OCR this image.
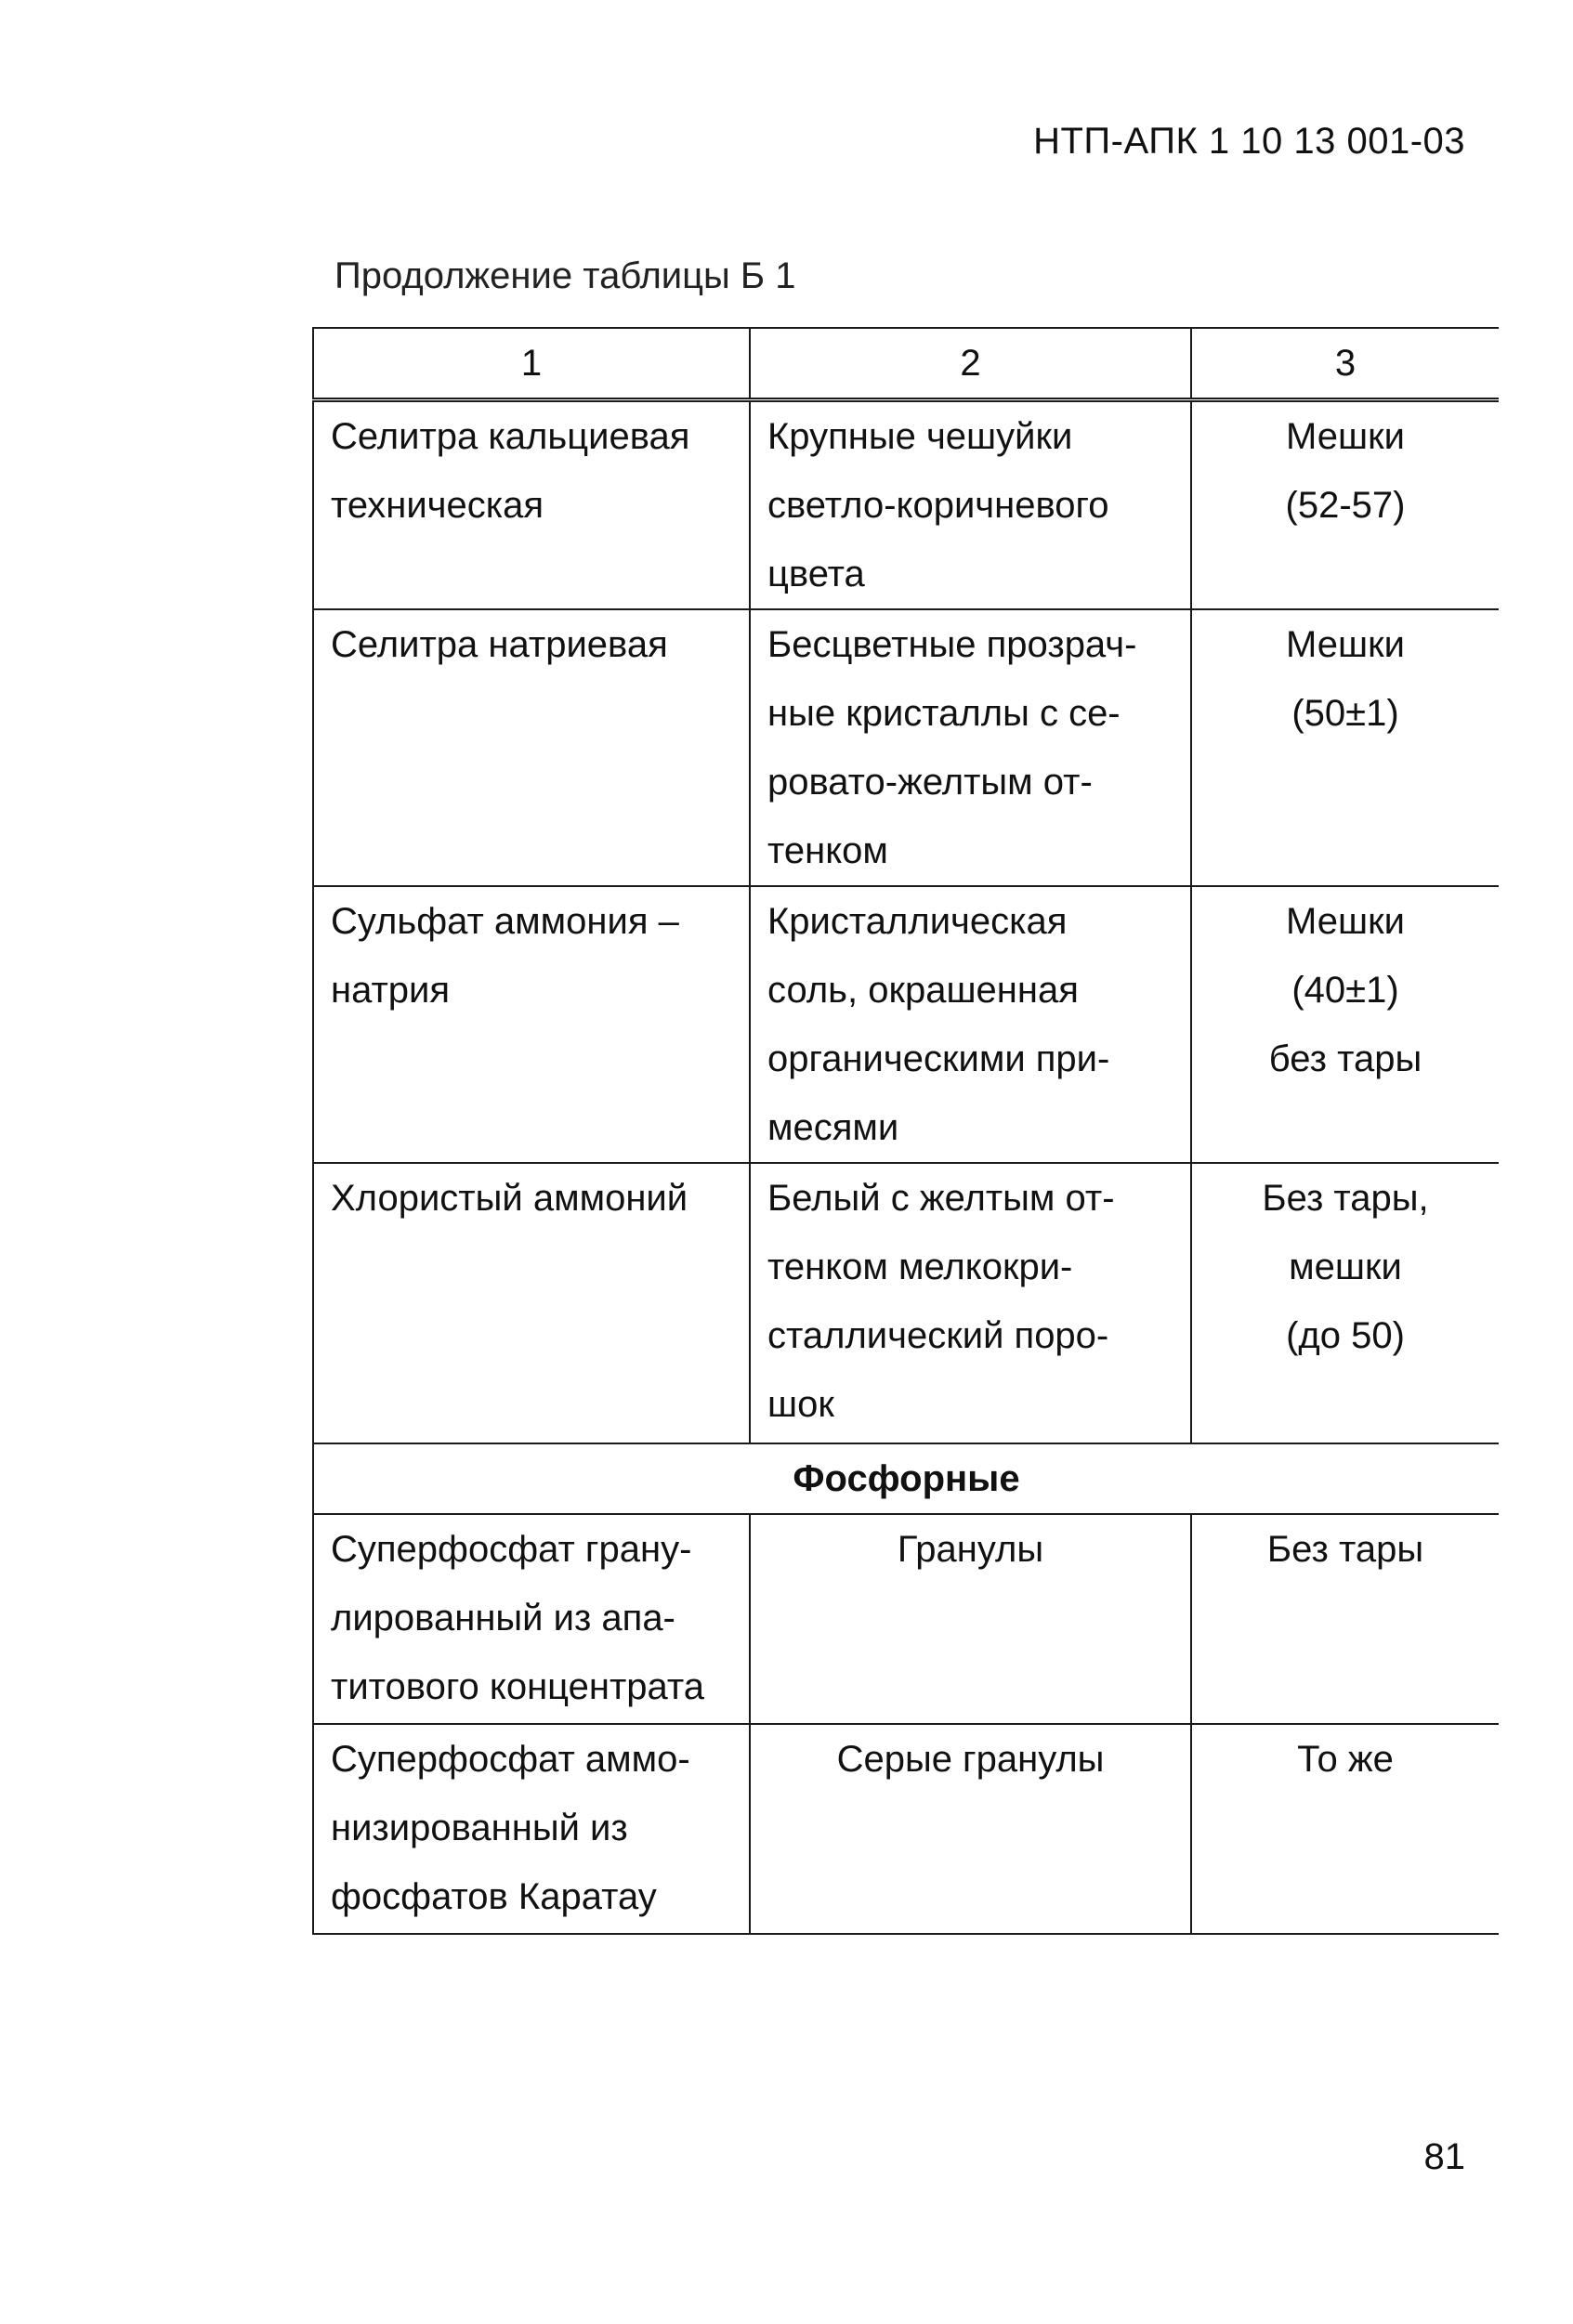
НТП-АПК 1 10 13 001-03
Продолжение таблицы Б 1
1	2	3

Селитра кальциевая
техническая	Крупные чешуйки
светло-коричневого
цвета	Мешки
(52-57)

Селитра натриевая	Бесцветные прозрач-
ные кристаллы с се-
ровато-желтым от-
тенком	Мешки
(50±1)

Сульфат аммония –
натрия	Кристаллическая
соль, окрашенная
органическими при-
месями	Мешки
(40±1)
без тары

Хлористый аммоний	Белый с желтым от-
тенком мелкокри-
сталлический поро-
шок	Без тары,
мешки
(до 50)

Фосфорные		

Суперфосфат грану-
лированный из апа-
титового концентрата	Гранулы	Без тары

Суперфосфат аммо-
низированный из
фосфатов Каратау	Серые гранулы	То же
81
